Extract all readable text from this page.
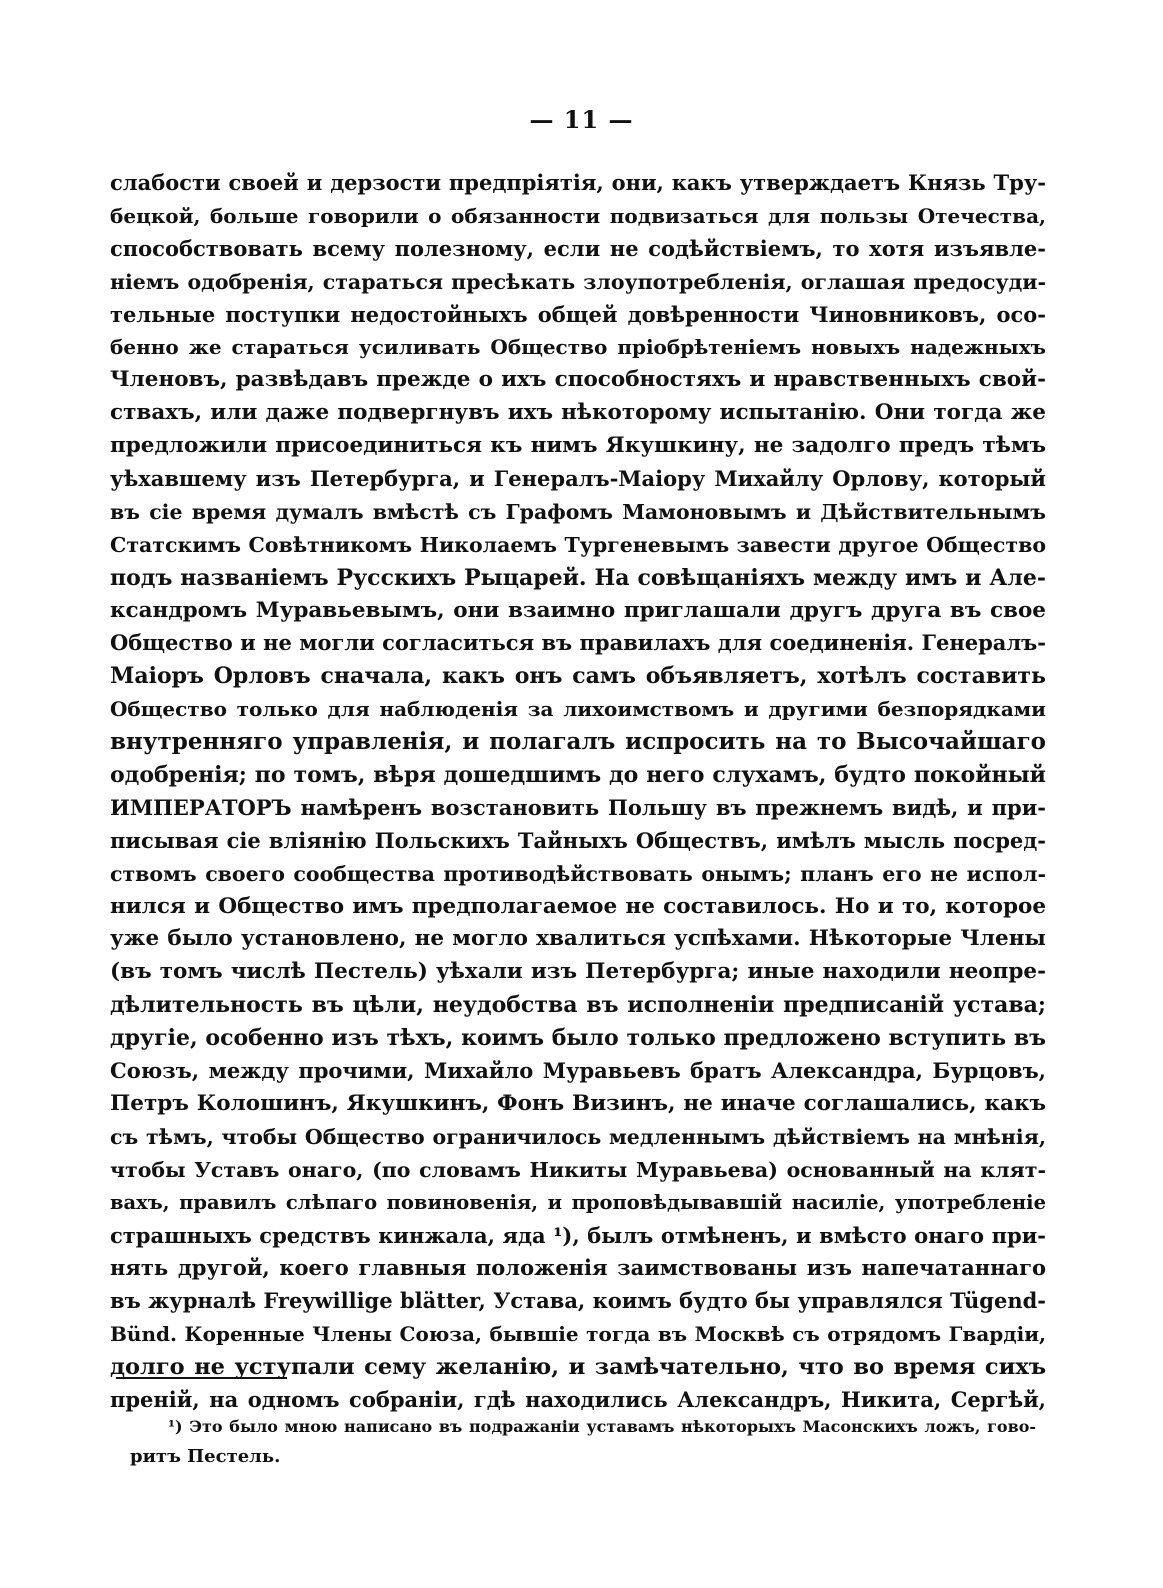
— 11 —
слабости своей и дерзости предпріятія, они, какъ утверждаетъ Князь Тру-
бецкой, больше говорили о обязанности подвизаться для пользы Отечества,
способствовать всему полезному, если не содѣйствіемъ, то хотя изъявле-
ніемъ одобренія, стараться пресѣкать злоупотребленія, оглашая предосуди-
тельные поступки недостойныхъ общей довѣренности Чиновниковъ, осо-
бенно же стараться усиливать Общество пріобрѣтеніемъ новыхъ надежныхъ
Членовъ, развѣдавъ прежде о ихъ способностяхъ и нравственныхъ свой-
ствахъ, или даже подвергнувъ ихъ нѣкоторому испытанію. Они тогда же
предложили присоединиться къ нимъ Якушкину, не задолго предъ тѣмъ
уѣхавшему изъ Петербурга, и Генералъ-Маіору Михайлу Орлову, который
въ сіе время думалъ вмѣстѣ съ Графомъ Мамоновымъ и Дѣйствительнымъ
Статскимъ Совѣтникомъ Николаемъ Тургеневымъ завести другое Общество
подъ названіемъ Русскихъ Рыцарей. На совѣщаніяхъ между имъ и Але-
ксандромъ Муравьевымъ, они взаимно приглашали другъ друга въ свое
Общество и не могли согласиться въ правилахъ для соединенія. Генералъ-
Маіоръ Орловъ сначала, какъ онъ самъ объявляетъ, хотѣлъ составить
Общество только для наблюденія за лихоимствомъ и другими безпорядками
внутренняго управленія, и полагалъ испросить на то Высочайшаго
одобренія; по томъ, вѣря дошедшимъ до него слухамъ, будто покойный
ИМПЕРАТОРЪ намѣренъ возстановить Польшу въ прежнемъ видѣ, и при-
писывая сіе вліянію Польскихъ Тайныхъ Обществъ, имѣлъ мысль посред-
ствомъ своего сообщества противодѣйствовать онымъ; планъ его не испол-
нился и Общество имъ предполагаемое не составилось. Но и то, которое
уже было установлено, не могло хвалиться успѣхами. Нѣкоторые Члены
(въ томъ числѣ Пестель) уѣхали изъ Петербурга; иные находили неопре-
дѣлительность въ цѣли, неудобства въ исполненіи предписаній устава;
другіе, особенно изъ тѣхъ, коимъ было только предложено вступить въ
Союзъ, между прочими, Михайло Муравьевъ братъ Александра, Бурцовъ,
Петръ Колошинъ, Якушкинъ, Фонъ Визинъ, не иначе соглашались, какъ
съ тѣмъ, чтобы Общество ограничилось медленнымъ дѣйствіемъ на мнѣнія,
чтобы Уставъ онаго, (по словамъ Никиты Муравьева) основанный на клят-
вахъ, правилъ слѣпаго повиновенія, и проповѣдывавшій насиліе, употребленіе
страшныхъ средствъ кинжала, яда ¹), былъ отмѣненъ, и вмѣсто онаго при-
нять другой, коего главныя положенія заимствованы изъ напечатаннаго
въ журналѣ Freywillige blätter, Устава, коимъ будто бы управлялся Tügend-
Bünd. Коренные Члены Союза, бывшіе тогда въ Москвѣ съ отрядомъ Гвардіи,
долго не уступали сему желанію, и замѣчательно, что во время сихъ
преній, на одномъ собраніи, гдѣ находились Александръ, Никита, Сергѣй,
¹) Это было мною написано въ подражаніи уставамъ нѣкоторыхъ Масонскихъ ложъ, гово-
ритъ Пестель.
